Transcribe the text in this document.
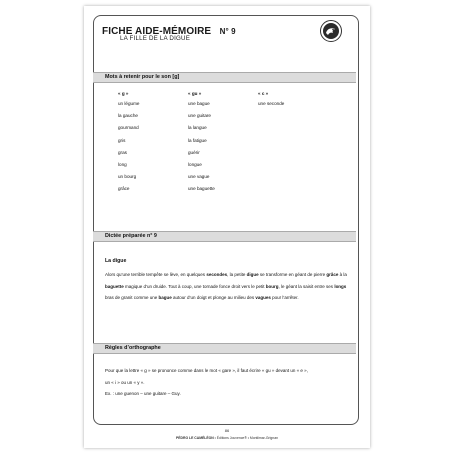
FICHE AIDE-MÉMOIRE N° 9
LA FILLE DE LA DIGUE
Mots à retenir pour le son [ɡ]
« g »
un légume
la gauche
gourmand
gris
gras
long
un bourg
grâce
« gu »
une bague
une guitare
la langue
la fatigue
guérir
longue
une vague
une baguette
« c »
une seconde
Dictée préparée n° 9
La digue
Alors qu’une terrible tempête se lève, en quelques secondes, la petite digue se transforme en géant de pierre grâce à la baguette magique d’un druide. Tout à coup, une tornade fonce droit vers le petit bourg, le géant la saisit entre ses longs bras de granit comme une bague autour d’un doigt et plonge au milieu des vagues pour l’arrêter.
Règles d’orthographe
Pour que la lettre « g » se prononce comme dans le mot « gare », il faut écrire « gu » devant un « e »,
un « i » ou un « y ».
Ex. : une guenon – une guitare – Guy.
86
PÉDRO LE CAMÉLÉON • Éditions Jouvence® • Montlimar-Grignan
